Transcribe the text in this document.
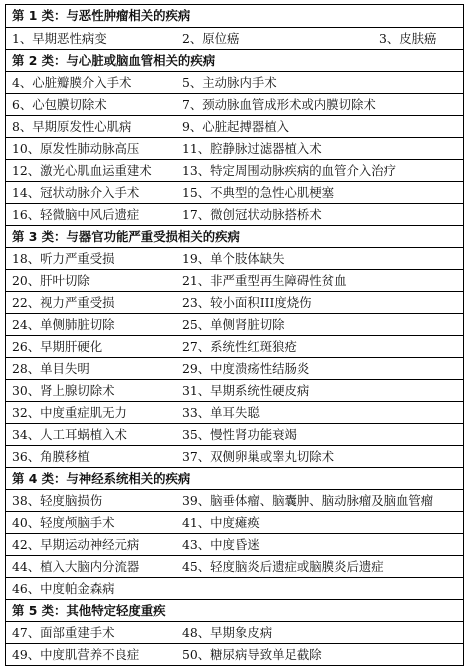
第 1 类：与恶性肿瘤相关的疾病
1、早期恶性病变	2、原位癌	3、皮肤癌
第 2 类：与心脏或脑血管相关的疾病
4、心脏瓣膜介入手术	5、主动脉内手术
6、心包膜切除术	7、颈动脉血管成形术或内膜切除术
8、早期原发性心肌病	9、心脏起搏器植入
10、原发性肺动脉高压	11、腔静脉过滤器植入术
12、激光心肌血运重建术 13、特定周围动脉疾病的血管介入治疗
14、冠状动脉介入手术	15、不典型的急性心肌梗塞
16、轻微脑中风后遗症	17、微创冠状动脉搭桥术
第 3 类：与器官功能严重受损相关的疾病
18、听力严重受损	19、单个肢体缺失
20、肝叶切除	21、非严重型再生障碍性贫血
22、视力严重受损	23、较小面积III度烧伤
24、单侧肺脏切除	25、单侧肾脏切除
26、早期肝硬化	27、系统性红斑狼疮
28、单目失明	29、中度溃疡性结肠炎
30、肾上腺切除术	31、早期系统性硬皮病
32、中度重症肌无力	33、单耳失聪
34、人工耳蜗植入术	35、慢性肾功能衰竭
36、角膜移植	37、双侧卵巢或睾丸切除术
第 4 类：与神经系统相关的疾病
38、轻度脑损伤	39、脑垂体瘤、脑囊肿、脑动脉瘤及脑血管瘤
40、轻度颅脑手术	41、中度瘫痪
42、早期运动神经元病	43、中度昏迷
44、植入大脑内分流器	45、轻度脑炎后遗症或脑膜炎后遗症
46、中度帕金森病
第 5 类：其他特定轻度重疾
47、面部重建手术	48、早期象皮病
49、中度肌营养不良症	50、糖尿病导致单足截除
